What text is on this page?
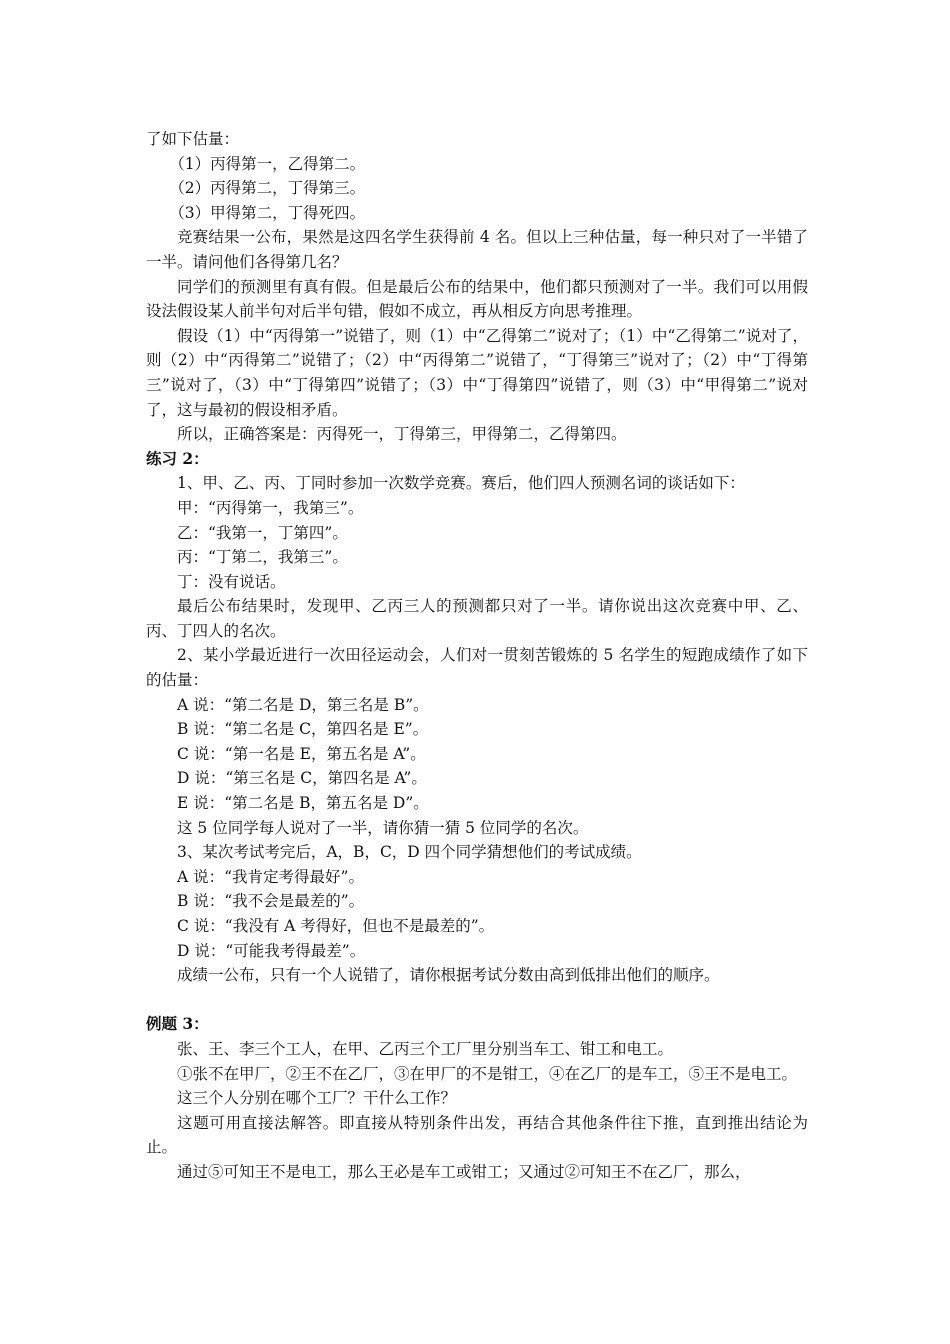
了如下估量：

（1）丙得第一，乙得第二。

（2）丙得第二，丁得第三。

（3）甲得第二，丁得死四。

竞赛结果一公布，果然是这四名学生获得前 4 名。但以上三种估量，每一种只对了一半错了一半。请问他们各得第几名？

同学们的预测里有真有假。但是最后公布的结果中，他们都只预测对了一半。我们可以用假设法假设某人前半句对后半句错，假如不成立，再从相反方向思考推理。

假设（1）中“丙得第一”说错了，则（1）中“乙得第二”说对了；（1）中“乙得第二”说对了，则（2）中“丙得第二”说错了；（2）中“丙得第二”说错了，“丁得第三”说对了；（2）中“丁得第三”说对了，（3）中“丁得第四”说错了；（3）中“丁得第四”说错了，则（3）中“甲得第二”说对了，这与最初的假设相矛盾。

所以，正确答案是：丙得死一，丁得第三，甲得第二，乙得第四。

练习 2：

1、甲、乙、丙、丁同时参加一次数学竞赛。赛后，他们四人预测名词的谈话如下：

甲：“丙得第一，我第三”。

乙：“我第一，丁第四”。

丙：“丁第二，我第三”。

丁：没有说话。

最后公布结果时，发现甲、乙丙三人的预测都只对了一半。请你说出这次竞赛中甲、乙、丙、丁四人的名次。

2、某小学最近进行一次田径运动会，人们对一贯刻苦锻炼的 5 名学生的短跑成绩作了如下的估量：

A 说：“第二名是 D，第三名是 B”。

B 说：“第二名是 C，第四名是 E”。

C 说：“第一名是 E，第五名是 A”。

D 说：“第三名是 C，第四名是 A”。

E 说：“第二名是 B，第五名是 D”。

这 5 位同学每人说对了一半，请你猜一猜 5 位同学的名次。

3、某次考试考完后，A，B，C，D 四个同学猜想他们的考试成绩。

A 说：“我肯定考得最好”。

B 说：“我不会是最差的”。

C 说：“我没有 A 考得好，但也不是最差的”。

D 说：“可能我考得最差”。

成绩一公布，只有一个人说错了，请你根据考试分数由高到低排出他们的顺序。

例题 3：

张、王、李三个工人，在甲、乙丙三个工厂里分别当车工、钳工和电工。

①张不在甲厂，②王不在乙厂，③在甲厂的不是钳工，④在乙厂的是车工，⑤王不是电工。

这三个人分别在哪个工厂？干什么工作？

这题可用直接法解答。即直接从特别条件出发，再结合其他条件往下推，直到推出结论为止。

通过⑤可知王不是电工，那么王必是车工或钳工；又通过②可知王不在乙厂，那么，
